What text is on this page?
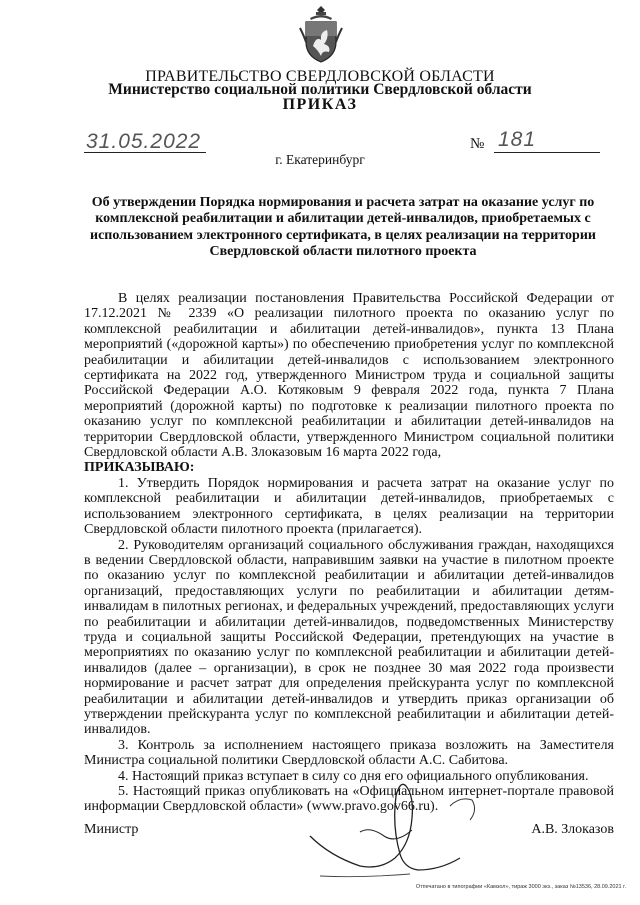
ПРАВИТЕЛЬСТВО СВЕРДЛОВСКОЙ ОБЛАСТИ
Министерство социальной политики Свердловской области
ПРИКАЗ
31.05.2022	№ 181
г. Екатеринбург
Об утверждении Порядка нормирования и расчета затрат на оказание услуг по комплексной реабилитации и абилитации детей-инвалидов, приобретаемых с использованием электронного сертификата, в целях реализации на территории Свердловской области пилотного проекта

В целях реализации постановления Правительства Российской Федерации от 17.12.2021 № 2339 «О реализации пилотного проекта по оказанию услуг по комплексной реабилитации и абилитации детей-инвалидов», пункта 13 Плана мероприятий («дорожной карты») по обеспечению приобретения услуг по комплексной реабилитации и абилитации детей-инвалидов с использованием электронного сертификата на 2022 год, утвержденного Министром труда и социальной защиты Российской Федерации А.О. Котяковым 9 февраля 2022 года, пункта 7 Плана мероприятий (дорожной карты) по подготовке к реализации пилотного проекта по оказанию услуг по комплексной реабилитации и абилитации детей-инвалидов на территории Свердловской области, утвержденного Министром социальной политики Свердловской области А.В. Злоказовым 16 марта 2022 года,

ПРИКАЗЫВАЮ:

1. Утвердить Порядок нормирования и расчета затрат на оказание услуг по комплексной реабилитации и абилитации детей-инвалидов, приобретаемых с использованием электронного сертификата, в целях реализации на территории Свердловской области пилотного проекта (прилагается).

2. Руководителям организаций социального обслуживания граждан, находящихся в ведении Свердловской области, направившим заявки на участие в пилотном проекте по оказанию услуг по комплексной реабилитации и абилитации детей-инвалидов организаций, предоставляющих услуги по реабилитации и абилитации детям-инвалидам в пилотных регионах, и федеральных учреждений, предоставляющих услуги по реабилитации и абилитации детей-инвалидов, подведомственных Министерству труда и социальной защиты Российской Федерации, претендующих на участие в мероприятиях по оказанию услуг по комплексной реабилитации и абилитации детей-инвалидов (далее – организации), в срок не позднее 30 мая 2022 года произвести нормирование и расчет затрат для определения прейскуранта услуг по комплексной реабилитации и абилитации детей-инвалидов и утвердить приказ организации об утверждении прейскуранта услуг по комплексной реабилитации и абилитации детей-инвалидов.

3. Контроль за исполнением настоящего приказа возложить на Заместителя Министра социальной политики Свердловской области А.С. Сабитова.

4. Настоящий приказ вступает в силу со дня его официального опубликования.

5. Настоящий приказ опубликовать на «Официальном интернет-портале правовой информации Свердловской области» (www.pravo.gov66.ru).

Министр	А.В. Злоказов
Отпечатано в типографии «Камзол», тираж 3000 экз., заказ №13536, 28.09.2021 г.
